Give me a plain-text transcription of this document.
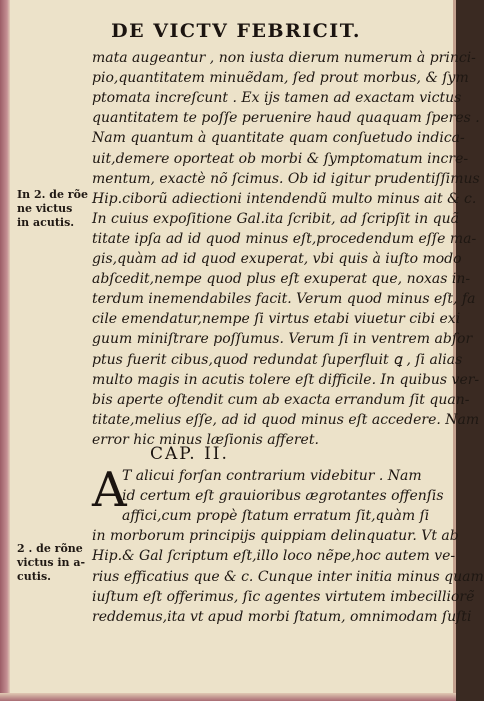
DE VICTV FEBRICIT.
CAP. II.
A
In 2. de rõe
ne victus
in acutis.
2 . de rõne
victus in a-
cutis.
mata augeantur , non iusta dierum numerum à princi-
pio,quantitatem minuẽdam, ſed prout morbus, & ſym
ptomata increſcunt . Ex ijs tamen ad exactam victus
quantitatem te poſſe peruenire haud quaquam ſperes .
Nam quantum à quantitate quam conſuetudo indica-
uit,demere oporteat ob morbi & ſymptomatum incre-
mentum, exactè nõ ſcimus. Ob id igitur prudentiſſimus
Hip.ciborũ adiectioni intendendũ multo minus ait & c.
In cuius expoſitione Gal.ita ſcribit, ad ſcripſit in quã
titate ipſa ad id quod minus eſt,procedendum eſſe ma-
gis,quàm ad id quod exuperat, vbi quis à iuſto modo
abſcedit,nempe quod plus eſt exuperat que, noxas in-
terdum inemendabiles facit. Verum quod minus eſt, fa
cile emendatur,nempe ſi virtus etabi viuetur cibi exi
guum miniſtrare poſſumus. Verum ſi in ventrem abſor
ptus fuerit cibus,quod redundat ſuperfluit ꝗ , ſi alias
multo magis in acutis tolere eſt difficile. In quibus ver-
bis aperte oſtendit cum ab exacta errandum ſit quan-
titate,melius eſſe, ad id quod minus eſt accedere. Nam
error hic minus læſionis afferet.
T alicui forſan contrarium videbitur . Nam
id certum eſt grauioribus ægrotantes offenſis
affici,cum propè ſtatum erratum ſit,quàm ſi
in morborum principijs quippiam delinquatur. Vt ab
Hip.& Gal ſcriptum eſt,illo loco nẽpe,hoc autem ve-
rius efficatius que & c. Cunque inter initia minus quam
iuſtum eſt offerimus, ſic agentes virtutem imbecilliorẽ
reddemus,ita vt apud morbi ſtatum, omnimodam ſuſti
